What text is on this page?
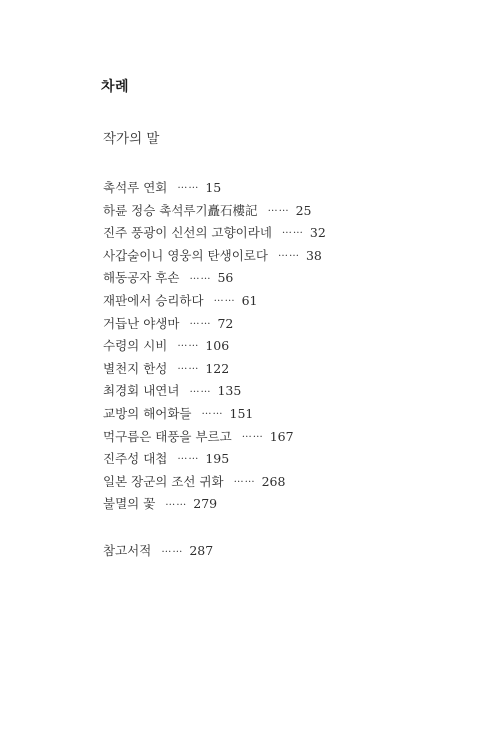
차례
작가의 말
촉석루 연회 …… 15
하륜 정승 촉석루기矗石樓記 …… 25
진주 풍광이 신선의 고향이라네 …… 32
사갑술이니 영웅의 탄생이로다 …… 38
해동공자 후손 …… 56
재판에서 승리하다 …… 61
거듭난 야생마 …… 72
수령의 시비 …… 106
별천지 한성 …… 122
최경회 내연녀 …… 135
교방의 해어화들 …… 151
먹구름은 태풍을 부르고 …… 167
진주성 대첩 …… 195
일본 장군의 조선 귀화 …… 268
불멸의 꽃 …… 279
참고서적 …… 287
